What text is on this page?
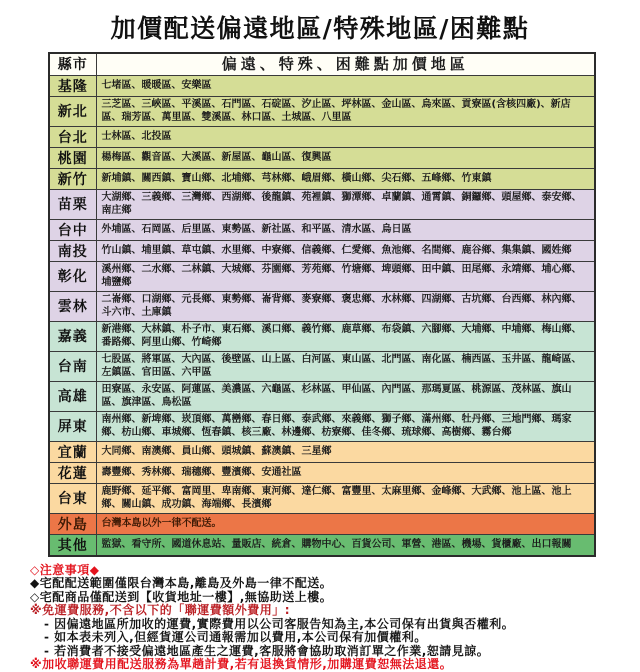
加價配送偏遠地區/特殊地區/困難點
縣市	偏遠、特殊、困難點加價地區
基隆	七堵區、暖暖區、安樂區
新北	三芝區、三峽區、平溪區、石門區、石碇區、汐止區、坪林區、金山區、烏來區、貢寮區(含核四廠)、新店區、瑞芳區、萬里區、雙溪區、林口區、土城區、八里區
台北	士林區、北投區
桃園	楊梅區、觀音區、大溪區、新屋區、龜山區、復興區
新竹	新埔鎮、關西鎮、寶山鄉、北埔鄉、芎林鄉、峨眉鄉、橫山鄉、尖石鄉、五峰鄉、竹東鎮
苗栗	大湖鄉、三義鄉、三灣鄉、西湖鄉、後龍鎮、苑裡鎮、獅潭鄉、卓蘭鎮、通霄鎮、銅鑼鄉、頭屋鄉、泰安鄉、南庄鄉
台中	外埔區、石岡區、后里區、東勢區、新社區、和平區、清水區、烏日區
南投	竹山鎮、埔里鎮、草屯鎮、水里鄉、中寮鄉、信義鄉、仁愛鄉、魚池鄉、名間鄉、鹿谷鄉、集集鎮、國姓鄉
彰化	溪州鄉、二水鄉、二林鎮、大城鄉、芬園鄉、芳苑鄉、竹塘鄉、埤頭鄉、田中鎮、田尾鄉、永靖鄉、埔心鄉、埔鹽鄉
雲林	二崙鄉、口湖鄉、元長鄉、東勢鄉、崙背鄉、麥寮鄉、褒忠鄉、水林鄉、四湖鄉、古坑鄉、台西鄉、林內鄉、斗六市、土庫鎮
嘉義	新港鄉、大林鎮、朴子市、東石鄉、溪口鄉、義竹鄉、鹿草鄉、布袋鎮、六腳鄉、大埔鄉、中埔鄉、梅山鄉、番路鄉、阿里山鄉、竹崎鄉
台南	七股區、將軍區、大內區、後壁區、山上區、白河區、東山區、北門區、南化區、楠西區、玉井區、龍崎區、左鎮區、官田區、六甲區
高雄	田寮區、永安區、阿蓮區、美濃區、六龜區、杉林區、甲仙區、內門區、那瑪夏區、桃源區、茂林區、旗山區、旗津區、鳥松區
屏東	南州鄉、新埤鄉、崁頂鄉、萬巒鄉、春日鄉、泰武鄉、來義鄉、獅子鄉、滿州鄉、牡丹鄉、三地門鄉、瑪家鄉、枋山鄉、車城鄉、恆春鎮、核三廠、林邊鄉、枋寮鄉、佳冬鄉、琉球鄉、高樹鄉、霧台鄉
宜蘭	大同鄉、南澳鄉、員山鄉、頭城鎮、蘇澳鎮、三星鄉
花蓮	壽豐鄉、秀林鄉、瑞穗鄉、豐濱鄉、安通社區
台東	鹿野鄉、延平鄉、富岡里、卑南鄉、東河鄉、達仁鄉、富豐里、太麻里鄉、金峰鄉、大武鄉、池上區、池上鄉、關山鎮、成功鎮、海端鄉、長濱鄉
外島	台灣本島以外一律不配送。
其他	監獄、看守所、國道休息站、量販店、統倉、購物中心、百貨公司、軍營、港區、機場、貨櫃廠、出口報關
◇注意事項◆
◆宅配配送範圍僅限台灣本島,離島及外島一律不配送。
◇宅配商品僅配送到【收貨地址一樓】,無協助送上樓。
※免運費服務,不含以下的「聯運費額外費用」:
- 因偏遠地區所加收的運費,實際費用以公司客服告知為主,本公司保有出貨與否權利。
- 如本表未列入,但經貨運公司通報需加以費用,本公司保有加價權利。
- 若消費者不接受偏遠地區產生之運費,客服將會協助取消訂單之作業,恕請見諒。
※加收聯運費用配送服務為單趟計費,若有退換貨情形,加購運費恕無法退還。
